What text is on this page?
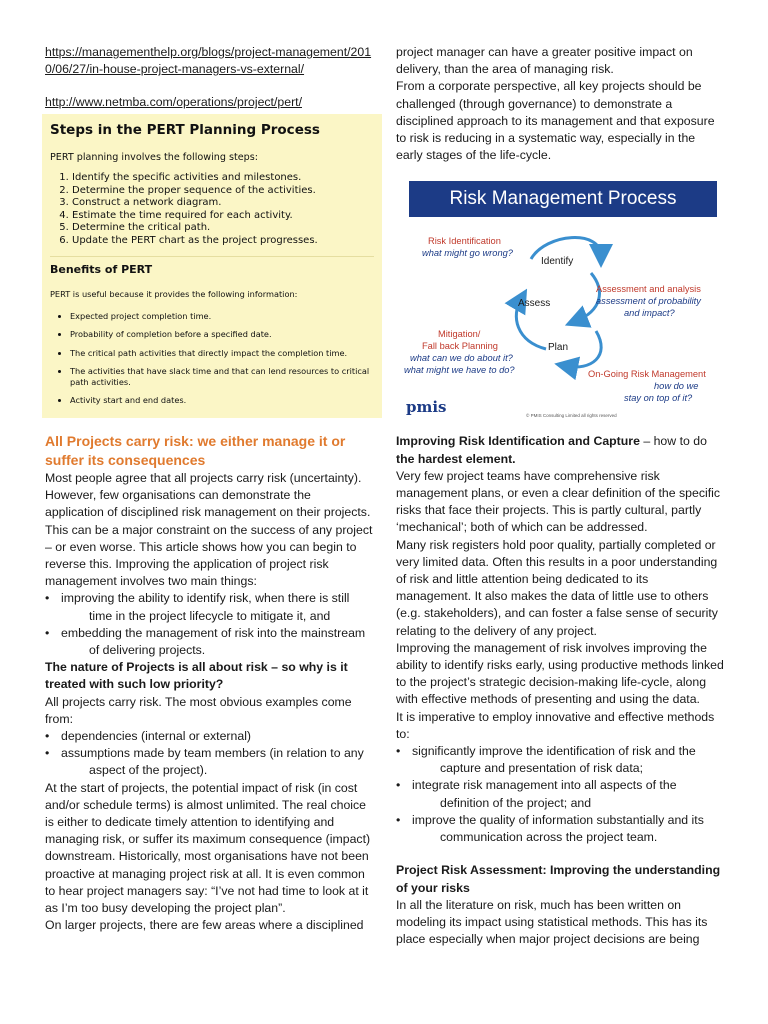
https://managementhelp.org/blogs/project-management/2010/06/27/in-house-project-managers-vs-external/
http://www.netmba.com/operations/project/pert/
Steps in the PERT Planning Process
PERT planning involves the following steps:
1. Identify the specific activities and milestones.
2. Determine the proper sequence of the activities.
3. Construct a network diagram.
4. Estimate the time required for each activity.
5. Determine the critical path.
6. Update the PERT chart as the project progresses.
Benefits of PERT
PERT is useful because it provides the following information:
• Expected project completion time.
• Probability of completion before a specified date.
• The critical path activities that directly impact the completion time.
• The activities that have slack time and that can lend resources to critical path activities.
• Activity start and end dates.
All Projects carry risk: we either manage it or suffer its consequences

Most people agree that all projects carry risk (uncertainty). However, few organisations can demonstrate the application of disciplined risk management on their projects. This can be a major constraint on the success of any project – or even worse. This article shows how you can begin to reverse this. Improving the application of project risk management involves two main things:

• improving the ability to identify risk, when there is still
time in the project lifecycle to mitigate it, and
• embedding the management of risk into the mainstream
of delivering projects.

The nature of Projects is all about risk – so why is it treated with such low priority?

All projects carry risk. The most obvious examples come from:

• dependencies (internal or external)
• assumptions made by team members (in relation to any
aspect of the project).

At the start of projects, the potential impact of risk (in cost and/or schedule terms) is almost unlimited. The real choice is either to dedicate timely attention to identifying and managing risk, or suffer its maximum consequence (impact) downstream. Historically, most organisations have not been proactive at managing project risk at all. It is even common to hear project managers say: “I’ve not had time to look at it as I’m too busy developing the project plan”.

On larger projects, there are few areas where a disciplined

project manager can have a greater positive impact on delivery, than the area of managing risk.

From a corporate perspective, all key projects should be challenged (through governance) to demonstrate a disciplined approach to its management and that exposure to risk is reducing in a systematic way, especially in the early stages of the life-cycle.

Risk Management Process
Risk Identification
what might go wrong?
Identify
Assess
Plan
Assessment and analysis
assessment of probability
and impact?
Mitigation/
Fall back Planning
what can we do about it?
what might we have to do?	On-Going Risk Management
how do we
stay on top of it?
pmis	© PMIS Consulting Limited all rights reserved

Improving Risk Identification and Capture – how to do
the hardest element.

Very few project teams have comprehensive risk management plans, or even a clear definition of the specific risks that face their projects. This is partly cultural, partly ‘mechanical’; both of which can be addressed.

Many risk registers hold poor quality, partially completed or very limited data. Often this results in a poor understanding of risk and little attention being dedicated to its management. It also makes the data of little use to others (e.g. stakeholders), and can foster a false sense of security relating to the delivery of any project.

Improving the management of risk involves improving the ability to identify risks early, using productive methods linked to the project’s strategic decision-making life-cycle, along with effective methods of presenting and using the data.

It is imperative to employ innovative and effective methods to:

• significantly improve the identification of risk and the
capture and presentation of risk data;
• integrate risk management into all aspects of the
definition of the project; and
• improve the quality of information substantially and its
communication across the project team.

Project Risk Assessment: Improving the understanding of your risks

In all the literature on risk, much has been written on modeling its impact using statistical methods. This has its place especially when major project decisions are being
